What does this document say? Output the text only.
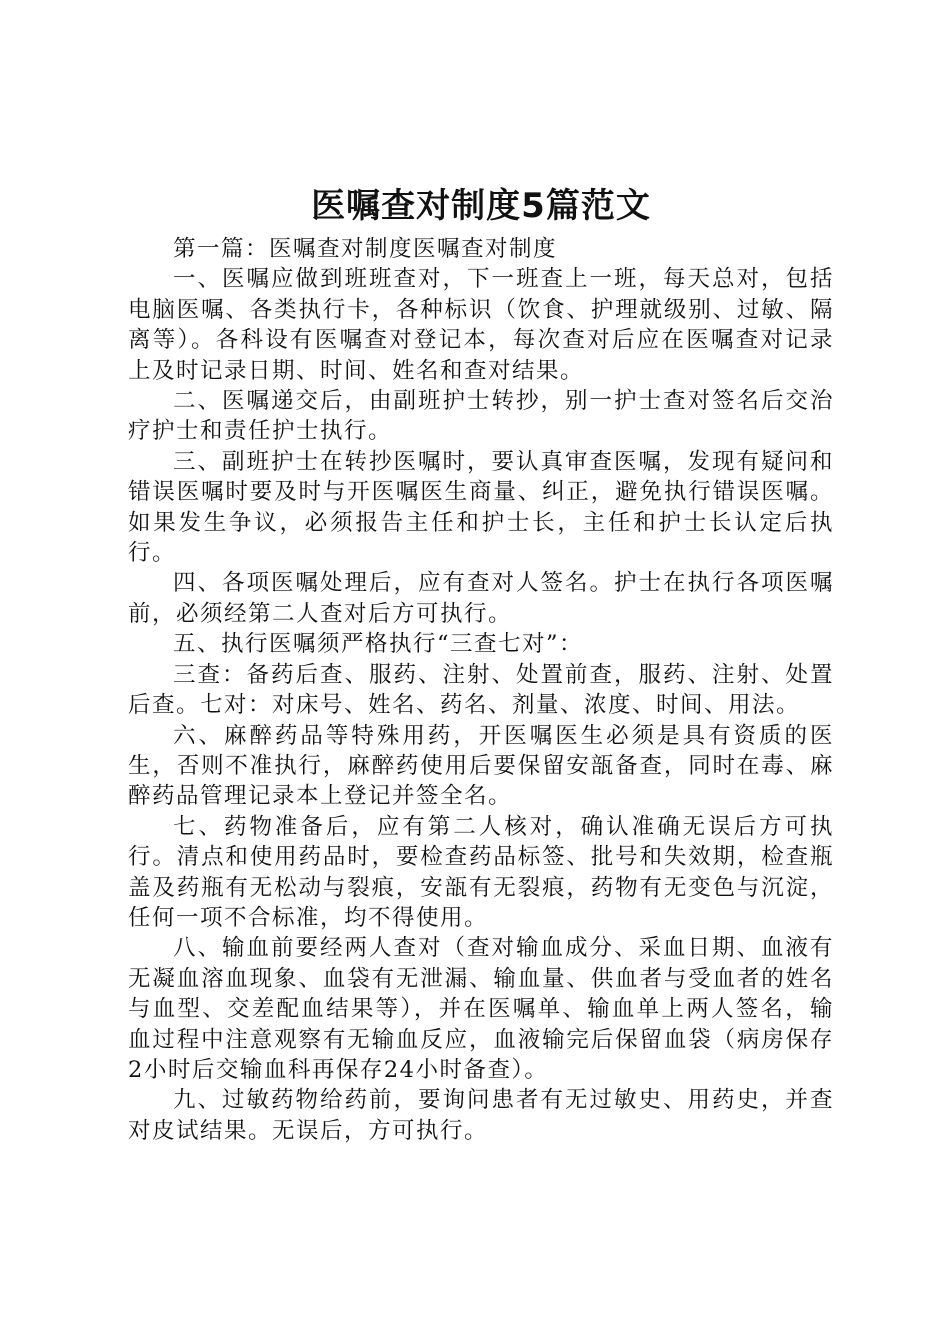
医嘱查对制度5篇范文

第一篇：医嘱查对制度医嘱查对制度

一、医嘱应做到班班查对，下一班查上一班，每天总对，包括电脑医嘱、各类执行卡，各种标识（饮食、护理就级别、过敏、隔离等）。各科设有医嘱查对登记本，每次查对后应在医嘱查对记录上及时记录日期、时间、姓名和查对结果。

二、医嘱递交后，由副班护士转抄，别一护士查对签名后交治疗护士和责任护士执行。

三、副班护士在转抄医嘱时，要认真审查医嘱，发现有疑问和错误医嘱时要及时与开医嘱医生商量、纠正，避免执行错误医嘱。如果发生争议，必须报告主任和护士长，主任和护士长认定后执行。

四、各项医嘱处理后，应有查对人签名。护士在执行各项医嘱前，必须经第二人查对后方可执行。

五、执行医嘱须严格执行“三查七对”：

三查：备药后查、服药、注射、处置前查，服药、注射、处置后查。七对：对床号、姓名、药名、剂量、浓度、时间、用法。

六、麻醉药品等特殊用药，开医嘱医生必须是具有资质的医生，否则不准执行，麻醉药使用后要保留安瓿备查，同时在毒、麻醉药品管理记录本上登记并签全名。

七、药物准备后，应有第二人核对，确认准确无误后方可执行。清点和使用药品时，要检查药品标签、批号和失效期，检查瓶盖及药瓶有无松动与裂痕，安瓿有无裂痕，药物有无变色与沉淀，任何一项不合标准，均不得使用。

八、输血前要经两人查对（查对输血成分、采血日期、血液有无凝血溶血现象、血袋有无泄漏、输血量、供血者与受血者的姓名与血型、交差配血结果等），并在医嘱单、输血单上两人签名，输血过程中注意观察有无输血反应，血液输完后保留血袋（病房保存2小时后交输血科再保存24小时备查）。

九、过敏药物给药前，要询问患者有无过敏史、用药史，并查对皮试结果。无误后，方可执行。
